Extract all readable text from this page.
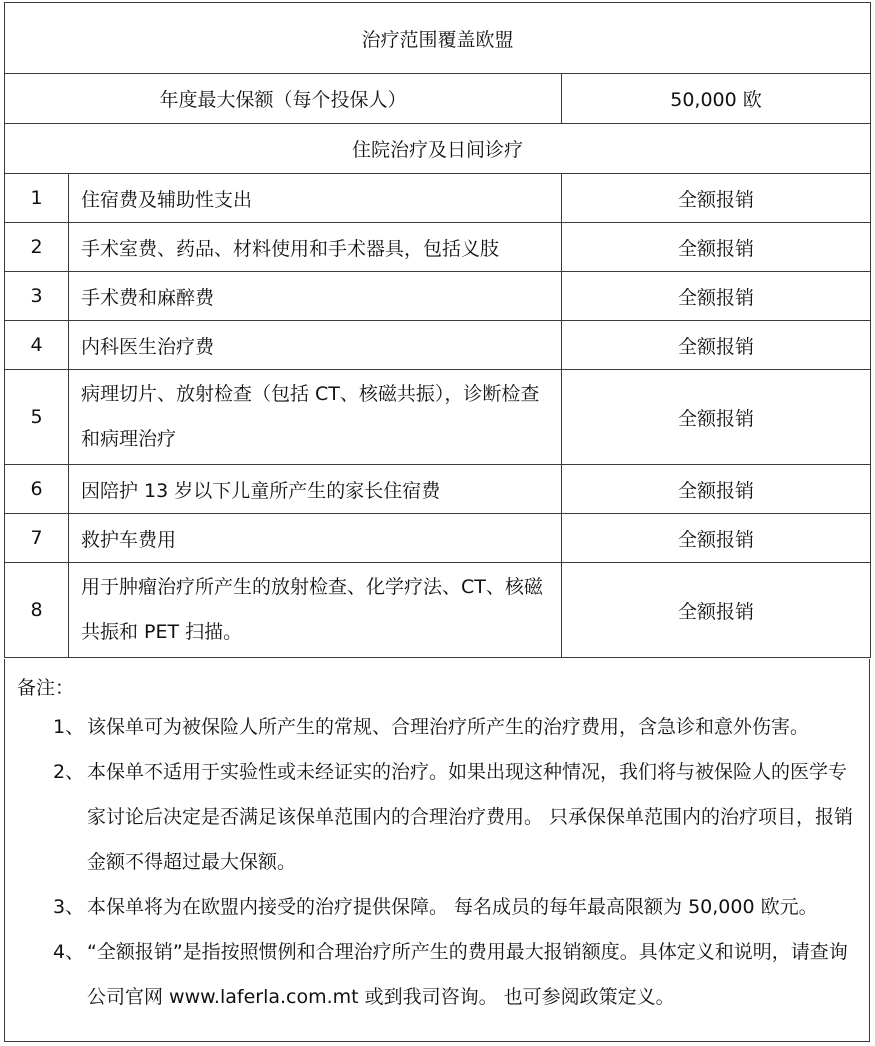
治疗范围覆盖欧盟		
年度最大保额（每个投保人）		50,000 欧
住院治疗及日间诊疗		
1	住宿费及辅助性支出	全额报销
2	手术室费、药品、材料使用和手术器具，包括义肢	全额报销
3	手术费和麻醉费	全额报销
4	内科医生治疗费	全额报销
5	病理切片、放射检查（包括 CT、核磁共振），诊断检查和病理治疗	全额报销
6	因陪护 13 岁以下儿童所产生的家长住宿费	全额报销
7	救护车费用	全额报销
8	用于肿瘤治疗所产生的放射检查、化学疗法、CT、核磁共振和 PET 扫描。	全额报销
备注：
1、 该保单可为被保险人所产生的常规、合理治疗所产生的治疗费用，含急诊和意外伤害。
2、 本保单不适用于实验性或未经证实的治疗。如果出现这种情况，我们将与被保险人的医学专家讨论后决定是否满足该保单范围内的合理治疗费用。 只承保保单范围内的治疗项目，报销金额不得超过最大保额。
3、 本保单将为在欧盟内接受的治疗提供保障。 每名成员的每年最高限额为 50,000 欧元。
4、 “全额报销”是指按照惯例和合理治疗所产生的费用最大报销额度。具体定义和说明，请查询公司官网 www.laferla.com.mt 或到我司咨询。 也可参阅政策定义。
